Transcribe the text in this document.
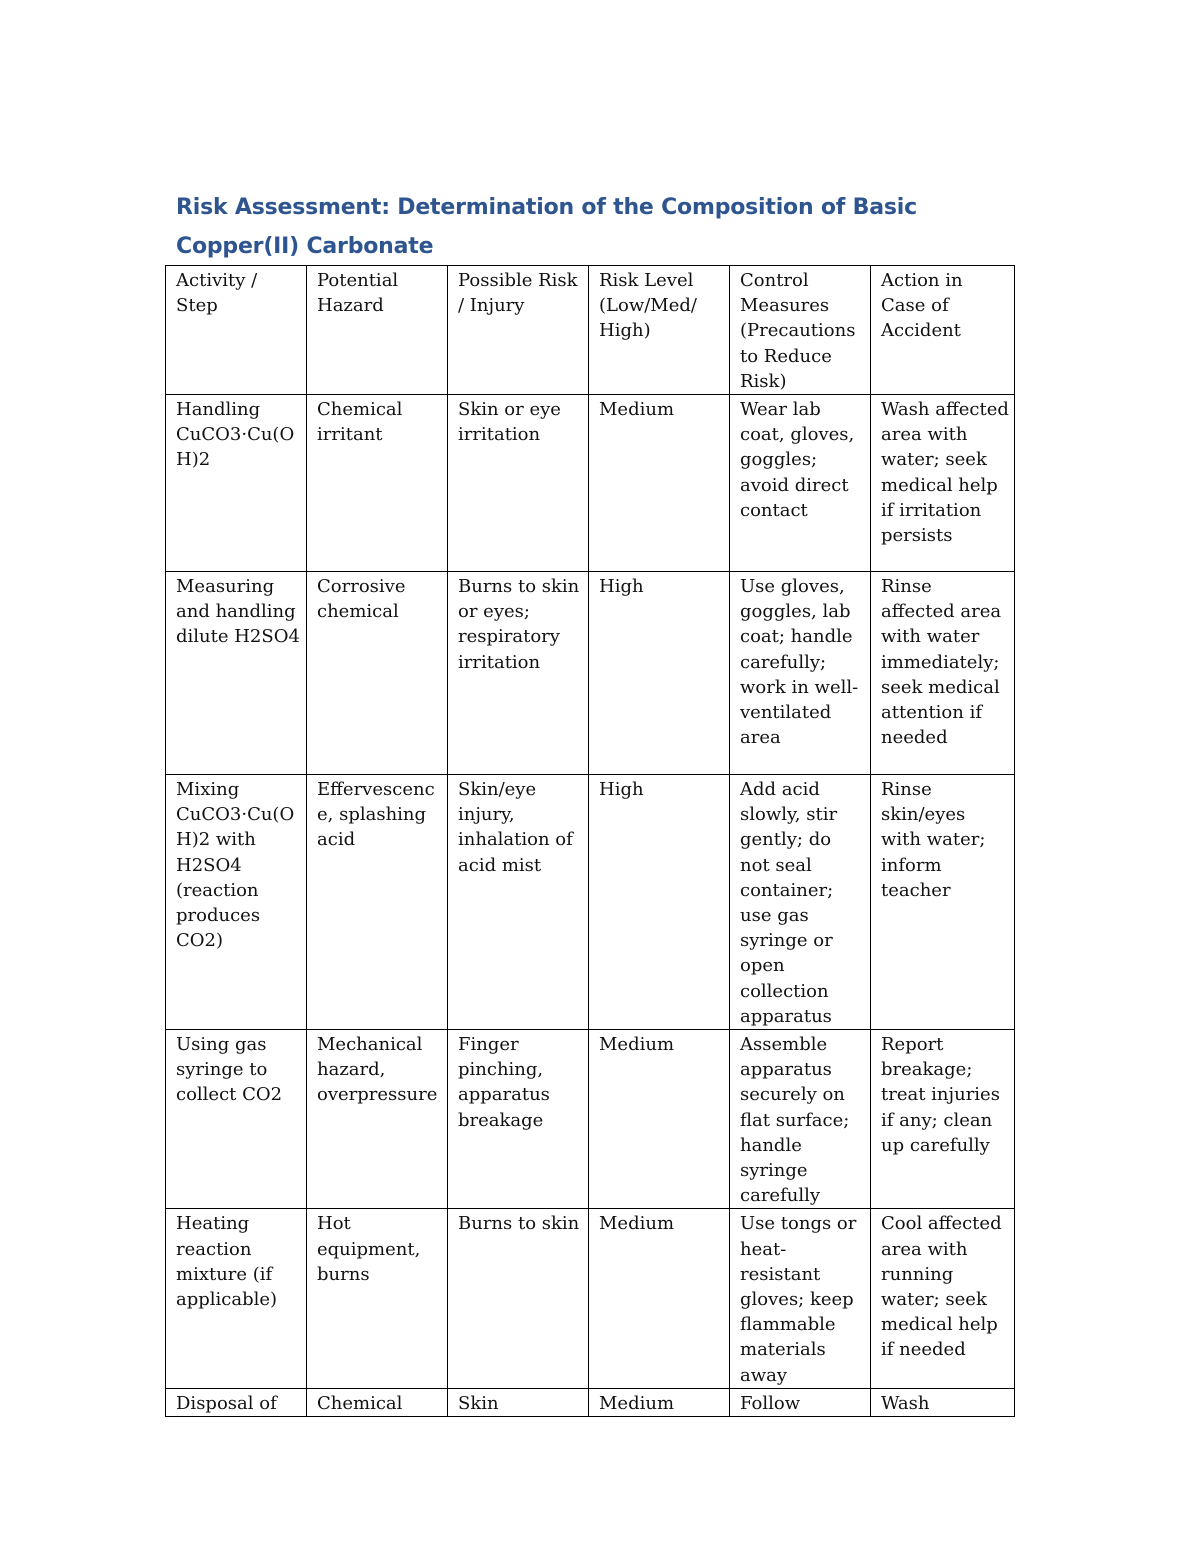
Risk Assessment: Determination of the Composition of Basic Copper(II) Carbonate
Activity / Step	Potential Hazard	Possible Risk / Injury	Risk Level (Low/Med/ High)	Control Measures (Precautions to Reduce Risk)	Action in Case of Accident
Handling CuCO3·Cu(OH)2	Chemical irritant	Skin or eye irritation	Medium	Wear lab coat, gloves, goggles; avoid direct contact	Wash affected area with water; seek medical help if irritation persists
Measuring and handling dilute H2SO4	Corrosive chemical	Burns to skin or eyes; respiratory irritation	High	Use gloves, goggles, lab coat; handle carefully; work in well-ventilated area	Rinse affected area with water immediately; seek medical attention if needed
Mixing CuCO3·Cu(OH)2 with H2SO4 (reaction produces CO2)	Effervescence, splashing acid	Skin/eye injury, inhalation of acid mist	High	Add acid slowly, stir gently; do not seal container; use gas syringe or open collection apparatus	Rinse skin/eyes with water; inform teacher
Using gas syringe to collect CO2	Mechanical hazard, overpressure	Finger pinching, apparatus breakage	Medium	Assemble apparatus securely on flat surface; handle syringe carefully	Report breakage; treat injuries if any; clean up carefully
Heating reaction mixture (if applicable)	Hot equipment, burns	Burns to skin	Medium	Use tongs or heat-resistant gloves; keep flammable materials away	Cool affected area with running water; seek medical help if needed
Disposal of	Chemical	Skin	Medium	Follow	Wash
